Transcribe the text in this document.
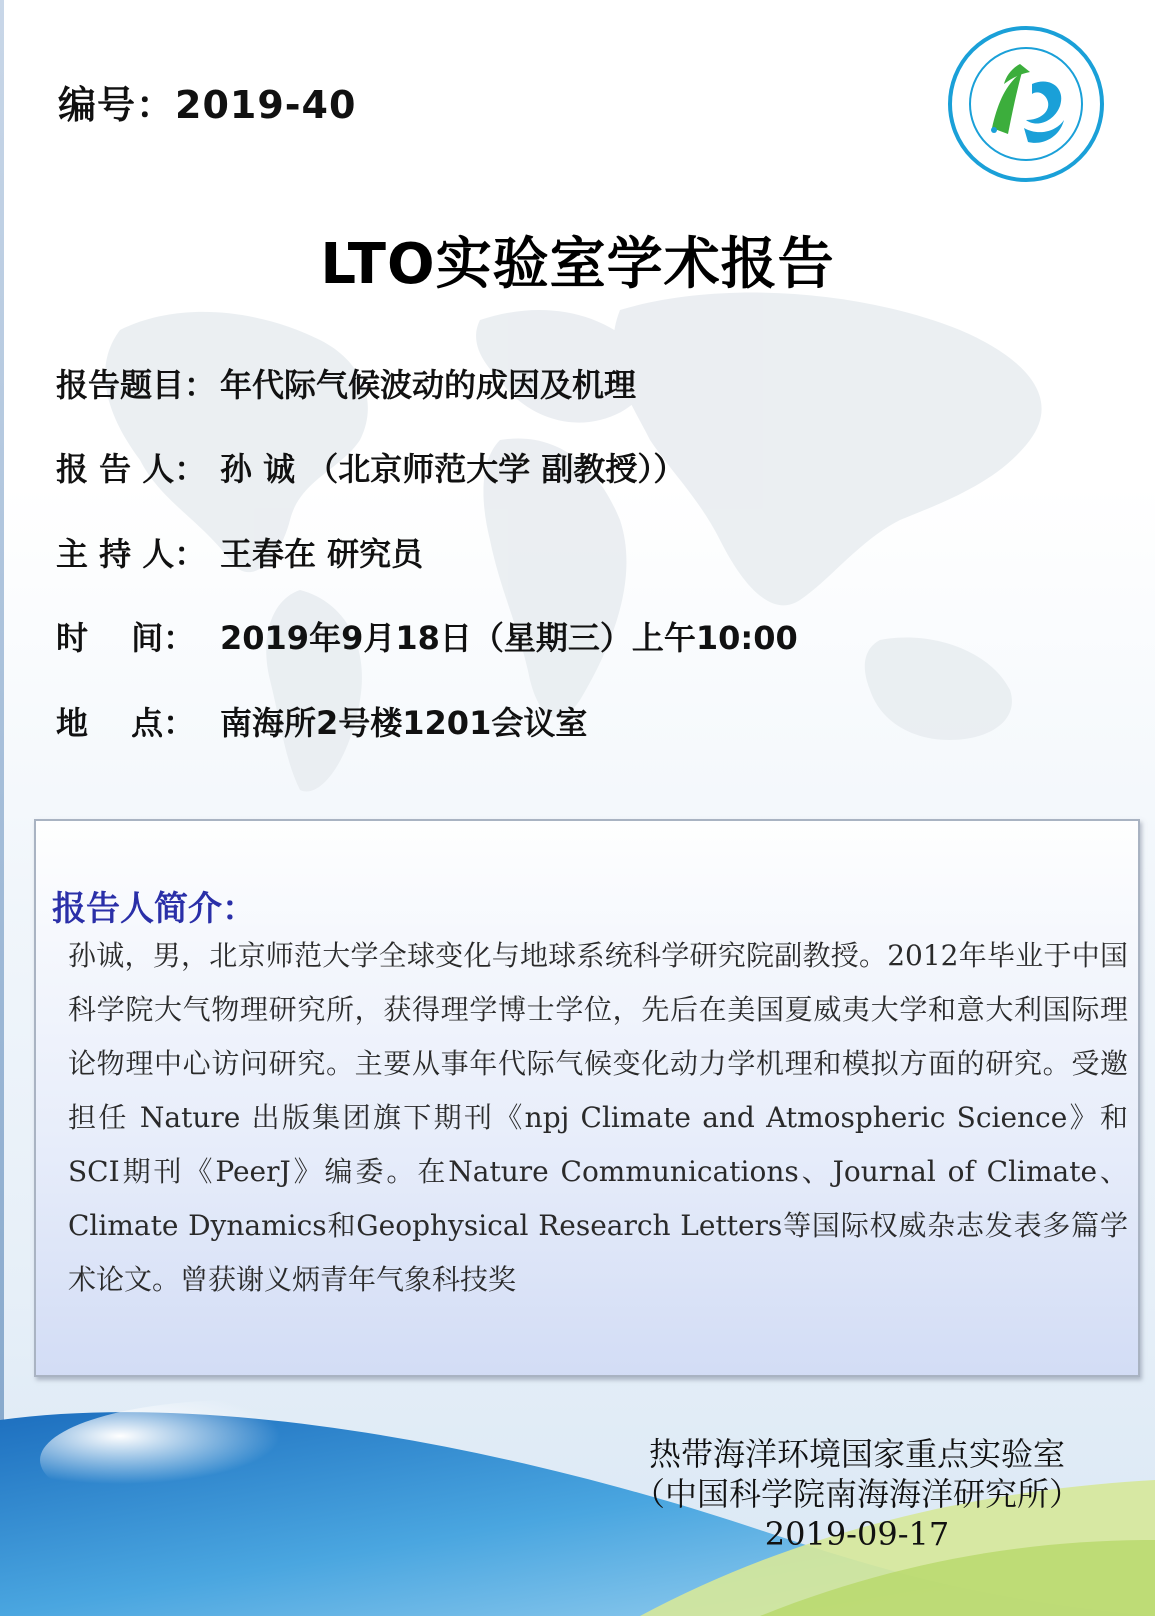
编号：2019-40
LTO实验室学术报告
报告题目： 年代际气候波动的成因及机理
报 告 人： 孙 诚 （北京师范大学 副教授））
主 持 人： 王春在 研究员
时　 间： 2019年9月18日（星期三）上午10:00
地　 点： 南海所2号楼1201会议室
报告人简介：

孙诚，男，北京师范大学全球变化与地球系统科学研究院副教授。2012年毕业于中国科学院大气物理研究所，获得理学博士学位，先后在美国夏威夷大学和意大利国际理论物理中心访问研究。主要从事年代际气候变化动力学机理和模拟方面的研究。受邀担任 Nature 出版集团旗下期刊《npj Climate and Atmospheric Science》和SCI期刊《PeerJ》编委。在Nature Communications、Journal of Climate、Climate Dynamics和Geophysical Research Letters等国际权威杂志发表多篇学术论文。曾获谢义炳青年气象科技奖

热带海洋环境国家重点实验室
（中国科学院南海海洋研究所）
2019-09-17
